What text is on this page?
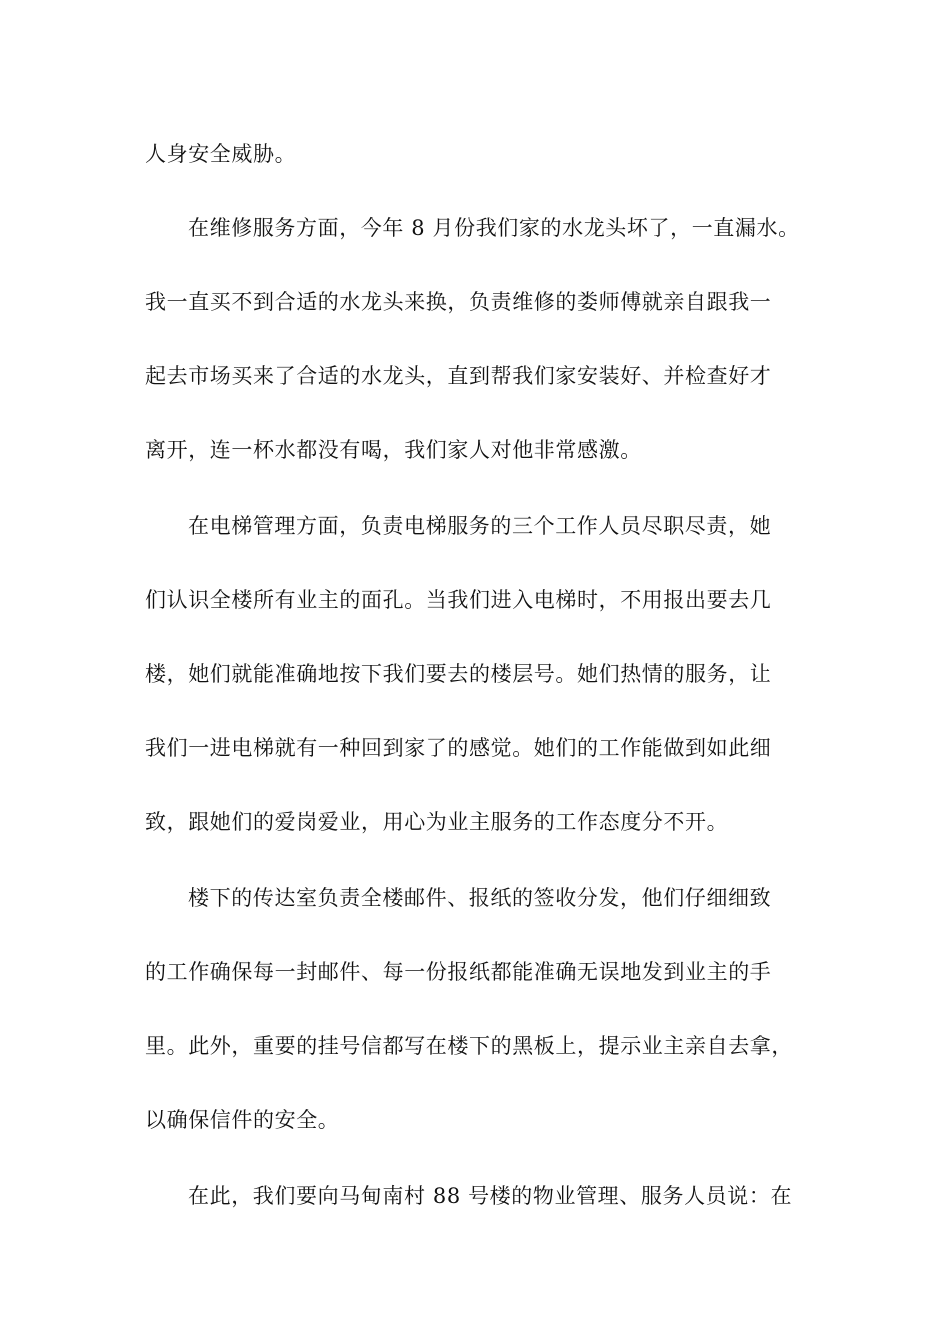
人身安全威胁。
在维修服务方面，今年 8 月份我们家的水龙头坏了，一直漏水。
我一直买不到合适的水龙头来换，负责维修的娄师傅就亲自跟我一
起去市场买来了合适的水龙头，直到帮我们家安装好、并检查好才
离开，连一杯水都没有喝，我们家人对他非常感激。
在电梯管理方面，负责电梯服务的三个工作人员尽职尽责，她
们认识全楼所有业主的面孔。当我们进入电梯时，不用报出要去几
楼，她们就能准确地按下我们要去的楼层号。她们热情的服务，让
我们一进电梯就有一种回到家了的感觉。她们的工作能做到如此细
致，跟她们的爱岗爱业，用心为业主服务的工作态度分不开。
楼下的传达室负责全楼邮件、报纸的签收分发，他们仔细细致
的工作确保每一封邮件、每一份报纸都能准确无误地发到业主的手
里。此外，重要的挂号信都写在楼下的黑板上，提示业主亲自去拿，
以确保信件的安全。
在此，我们要向马甸南村 88 号楼的物业管理、服务人员说：在
